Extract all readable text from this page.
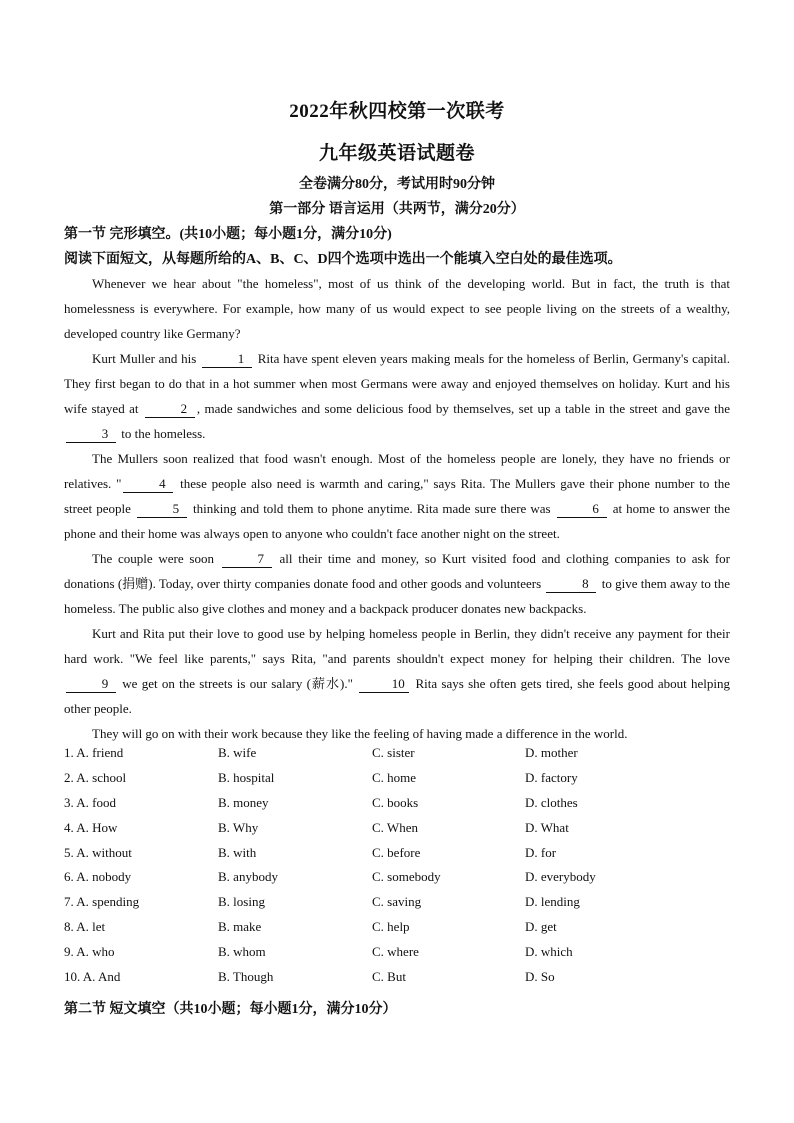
2022年秋四校第一次联考
九年级英语试题卷
全卷满分80分，考试用时90分钟
第一部分 语言运用（共两节，满分20分）
第一节 完形填空。(共10小题；每小题1分，满分10分)
阅读下面短文，从每题所给的A、B、C、D四个选项中选出一个能填入空白处的最佳选项。

Whenever we hear about "the homeless", most of us think of the developing world. But in fact, the truth is that homelessness is everywhere. For example, how many of us would expect to see people living on the streets of a wealthy, developed country like Germany?

Kurt Muller and his	1 Rita have spent eleven years making meals for the homeless of Berlin, Germany's capital. They first began to do that in a hot summer when most Germans were away and enjoyed themselves on holiday. Kurt and his wife stayed at	2 , made sandwiches and some delicious food by themselves, set up a table in the street and gave the 3 to the homeless.

The Mullers soon realized that food wasn't enough. Most of the homeless people are lonely, they have no friends or relatives. "	4 these people also need is warmth and caring," says Rita. The Mullers gave their phone number to the street people	5 thinking and told them to phone anytime. Rita made sure there was	6 at home to answer the phone and their home was always open to anyone who couldn't face another night on the street.

The couple were soon	7 all their time and money, so Kurt visited food and clothing companies to ask for donations (捐赠). Today, over thirty companies donate food and other goods and volunteers	8 to give them away to the homeless. The public also give clothes and money and a backpack producer donates new backpacks.

Kurt and Rita put their love to good use by helping homeless people in Berlin, they didn't receive any payment for their hard work. "We feel like parents," says Rita, "and parents shouldn't expect money for helping their children. The love 9 we get on the streets is our salary (薪水)."	10 Rita says she often gets tired, she feels good about helping other people.

They will go on with their work because they like the feeling of having made a difference in the world.

1. A. friend	B. wife	C. sister	D. mother
2. A. school	B. hospital	C. home	D. factory
3. A. food	B. money	C. books	D. clothes
4. A. How	B. Why	C. When	D. What
5. A. without	B. with	C. before	D. for
6. A. nobody	B. anybody	C. somebody	D. everybody
7. A. spending	B. losing	C. saving	D. lending
8. A. let	B. make	C. help	D. get
9. A. who	B. whom	C. where	D. which
10. A. And	B. Though	C. But	D. So
第二节 短文填空（共10小题；每小题1分，满分10分）
